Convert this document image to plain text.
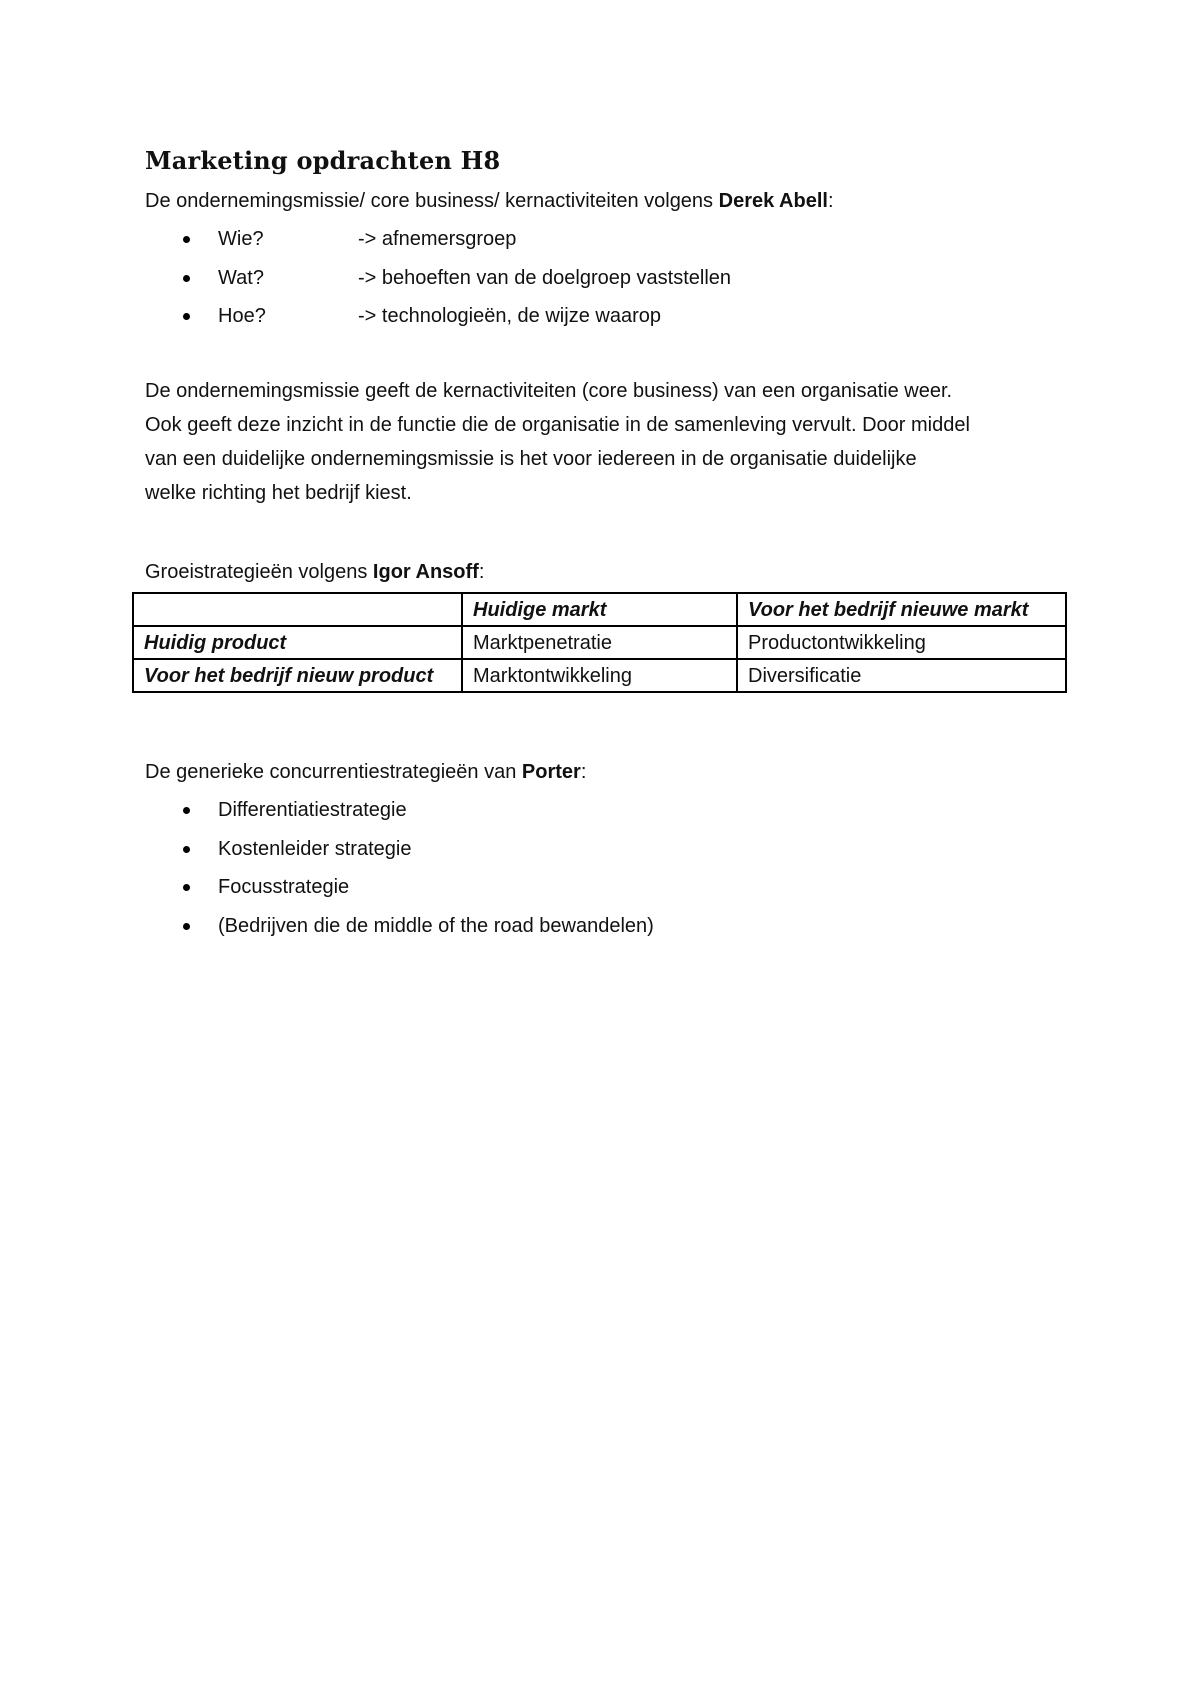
Marketing opdrachten H8
De ondernemingsmissie/ core business/ kernactiviteiten volgens Derek Abell:
Wie?	-> afnemersgroep
Wat?	-> behoeften van de doelgroep vaststellen
Hoe?	-> technologieën, de wijze waarop
De ondernemingsmissie geeft de kernactiviteiten (core business) van een organisatie weer.
Ook geeft deze inzicht in de functie die de organisatie in de samenleving vervult. Door middel
van een duidelijke ondernemingsmissie is het voor iedereen in de organisatie duidelijke
welke richting het bedrijf kiest.
Groeistrategieën volgens Igor Ansoff:
	Huidige markt	Voor het bedrijf nieuwe markt
Huidig product	Marktpenetratie	Productontwikkeling
Voor het bedrijf nieuw product	Marktontwikkeling	Diversificatie
De generieke concurrentiestrategieën van Porter:
Differentiatiestrategie
Kostenleider strategie
Focusstrategie
(Bedrijven die de middle of the road bewandelen)
